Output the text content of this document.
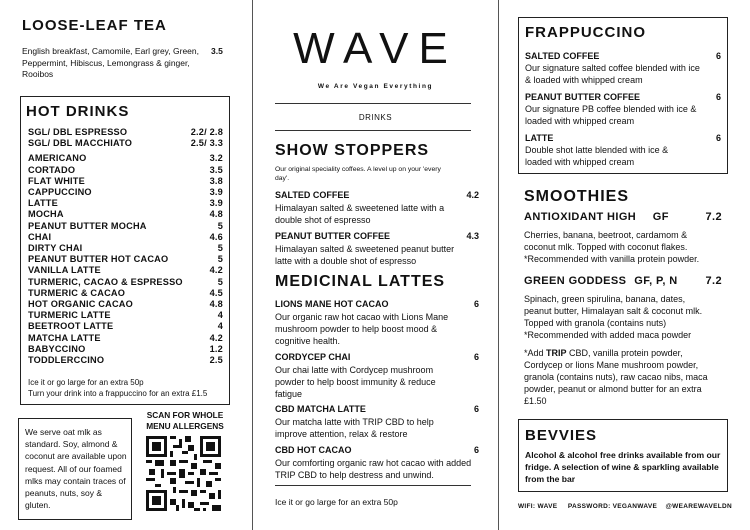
LOOSE-LEAF TEA
English breakfast, Camomile, Earl grey, Green, Peppermint, Hibiscus, Lemongrass & ginger, Rooibos
3.5
HOT DRINKS
SGL/ DBL ESPRESSO	2.2/ 2.8
SGL/ DBL MACCHIATO	2.5/ 3.3
AMERICANO	3.2
CORTADO	3.5
FLAT WHITE	3.8
CAPPUCCINO	3.9
LATTE	3.9
MOCHA	4.8
PEANUT BUTTER MOCHA	5
CHAI	4.6
DIRTY CHAI	5
PEANUT BUTTER HOT CACAO	5
VANILLA LATTE	4.2
TURMERIC, CACAO & ESPRESSO	5
TURMERIC & CACAO	4.5
HOT ORGANIC CACAO	4.8
TURMERIC LATTE	4
BEETROOT LATTE	4
MATCHA LATTE	4.2
BABYCCINO	1.2
TODDLERCCINO	2.5
Ice it or go large for an extra 50p
Turn your drink into a frappuccino for an extra £1.5
We serve oat mlk as standard. Soy, almond & coconut are available upon request. All of our foamed mlks may contain traces of peanuts, nuts, soy & gluten.
SCAN FOR WHOLE MENU ALLERGENS
WAVE
We Are Vegan Everything
DRINKS
SHOW STOPPERS
Our original speciality coffees. A level up on your 'every day'.
SALTED COFFEE	4.2
Himalayan salted & sweetened latte with a double shot of espresso
PEANUT BUTTER COFFEE	4.3
Himalayan salted & sweetened peanut butter latte with a double shot of espresso
MEDICINAL LATTES
LIONS MANE HOT CACAO	6
Our organic raw hot cacao with Lions Mane mushroom powder to help boost mood & cognitive health.
CORDYCEP CHAI	6
Our chai latte with Cordycep mushroom powder to help boost immunity & reduce fatigue
CBD MATCHA LATTE	6
Our matcha latte with TRIP CBD to help improve attention, relax & restore
CBD HOT CACAO	6
Our comforting organic raw hot cacao with added TRIP CBD to help destress and unwind.
Ice it or go large for an extra 50p
FRAPPUCCINO
SALTED COFFEE	6
Our signature salted coffee blended with ice & loaded with whipped cream
PEANUT BUTTER COFFEE	6
Our signature PB coffee blended with ice & loaded with whipped cream
LATTE	6
Double shot latte blended with ice & loaded with whipped cream
SMOOTHIES
ANTIOXIDANT HIGH GF	7.2
Cherries, banana, beetroot, cardamom & coconut mlk. Topped with coconut flakes.
*Recommended with vanilla protein powder.
GREEN GODDESS GF, P, N	7.2
Spinach, green spirulina, banana, dates, peanut butter, Himalayan salt & coconut mlk. Topped with granola (contains nuts)
*Recommended with added maca powder
*Add TRIP CBD, vanilla protein powder, Cordycep or lions Mane mushroom powder, granola (contains nuts), raw cacao nibs, maca powder, peanut or almond butter for an extra £1.50
BEVVIES
Alcohol & alcohol free drinks available from our fridge. A selection of wine & sparkling available from the bar
WIFI: WAVE     PASSWORD: VEGANWAVE @WEAREWAVELDN
